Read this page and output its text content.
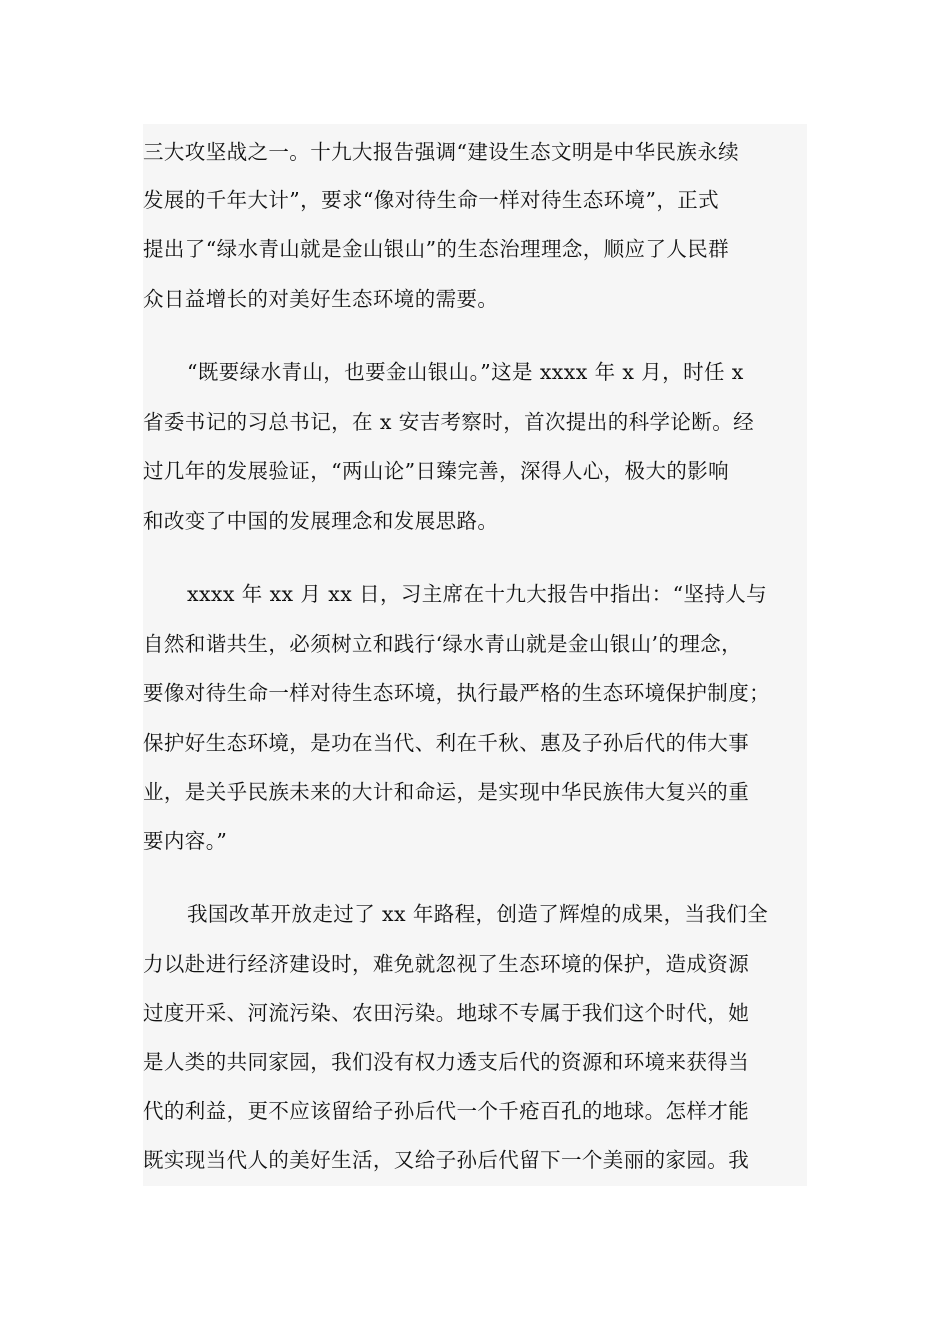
三大攻坚战之一。十九大报告强调“建设生态文明是中华民族永续
发展的千年大计”，要求“像对待生命一样对待生态环境”，正式
提出了“绿水青山就是金山银山”的生态治理理念，顺应了人民群
众日益增长的对美好生态环境的需要。
“既要绿水青山，也要金山银山。”这是 xxxx 年 x 月，时任 x
省委书记的习总书记，在 x 安吉考察时，首次提出的科学论断。经
过几年的发展验证，“两山论”日臻完善，深得人心，极大的影响
和改变了中国的发展理念和发展思路。
xxxx 年 xx 月 xx 日，习主席在十九大报告中指出：“坚持人与
自然和谐共生，必须树立和践行‘绿水青山就是金山银山’的理念，
要像对待生命一样对待生态环境，执行最严格的生态环境保护制度；
保护好生态环境，是功在当代、利在千秋、惠及子孙后代的伟大事
业，是关乎民族未来的大计和命运，是实现中华民族伟大复兴的重
要内容。”
我国改革开放走过了 xx 年路程，创造了辉煌的成果，当我们全
力以赴进行经济建设时，难免就忽视了生态环境的保护，造成资源
过度开采、河流污染、农田污染。地球不专属于我们这个时代，她
是人类的共同家园，我们没有权力透支后代的资源和环境来获得当
代的利益，更不应该留给子孙后代一个千疮百孔的地球。怎样才能
既实现当代人的美好生活，又给子孙后代留下一个美丽的家园。我
